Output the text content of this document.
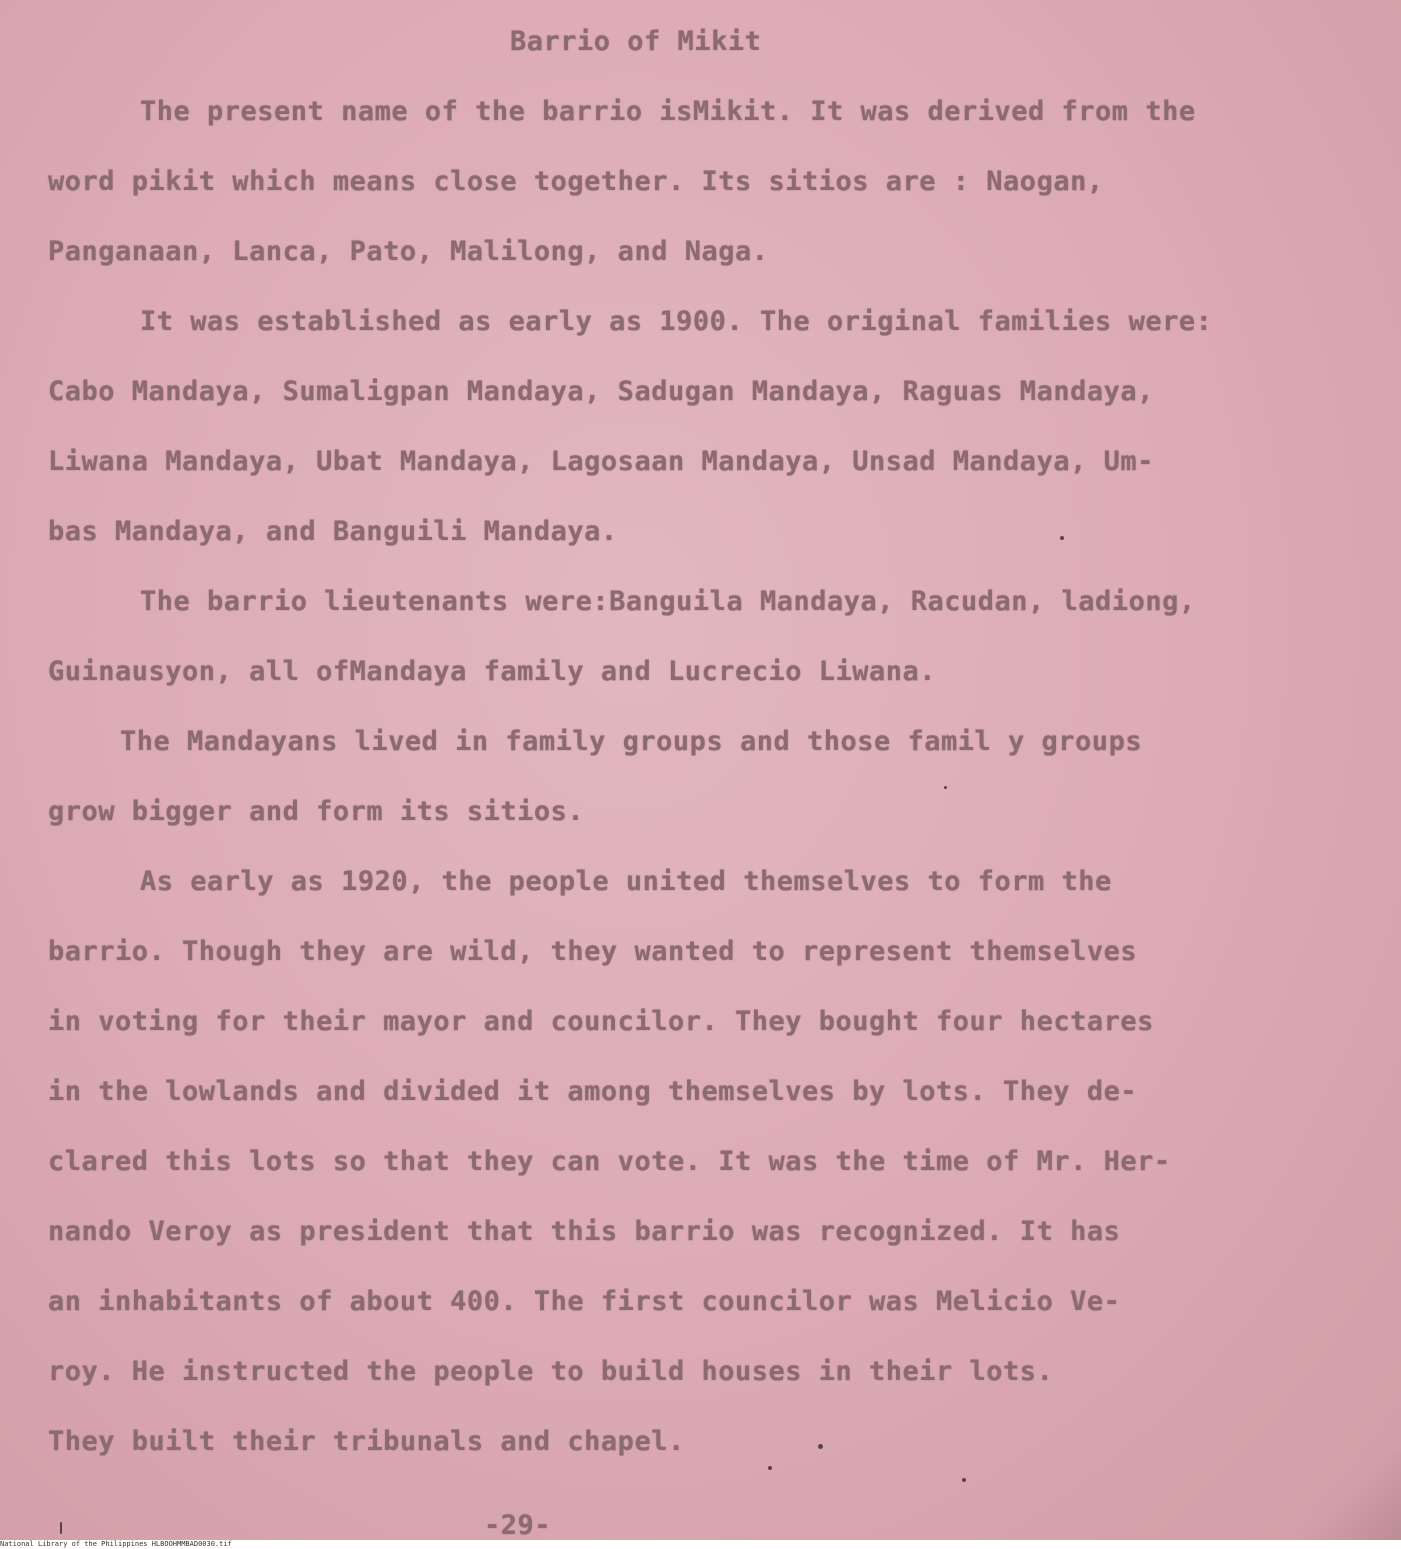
Barrio of Mikit

The present name of the barrio isMikit. It was derived from the

word pikit which means close together. Its sitios are : Naogan,

Panganaan, Lanca, Pato, Malilong, and Naga.

It was established as early as 1900. The original families were:

Cabo Mandaya, Sumaligpan Mandaya, Sadugan Mandaya, Raguas Mandaya,

Liwana Mandaya, Ubat Mandaya, Lagosaan Mandaya, Unsad Mandaya, Um-

bas Mandaya, and Banguili Mandaya.

The barrio lieutenants were:Banguila Mandaya, Racudan, ladiong,

Guinausyon, all ofMandaya family and Lucrecio Liwana.

The Mandayans lived in family groups and those famil y groups

grow bigger and form its sitios.

As early as 1920, the people united themselves to form the

barrio. Though they are wild, they wanted to represent themselves

in voting for their mayor and councilor. They bought four hectares

in the lowlands and divided it among themselves by lots. They de-

clared this lots so that they can vote. It was the time of Mr. Her-

nando Veroy as president that this barrio was recognized. It has

an inhabitants of about 400. The first councilor was Melicio Ve-

roy. He instructed the people to build houses in their lots.

They built their tribunals and chapel.

-29-

National Library of the Philippines HLBOOHMMBAD0030.tif
